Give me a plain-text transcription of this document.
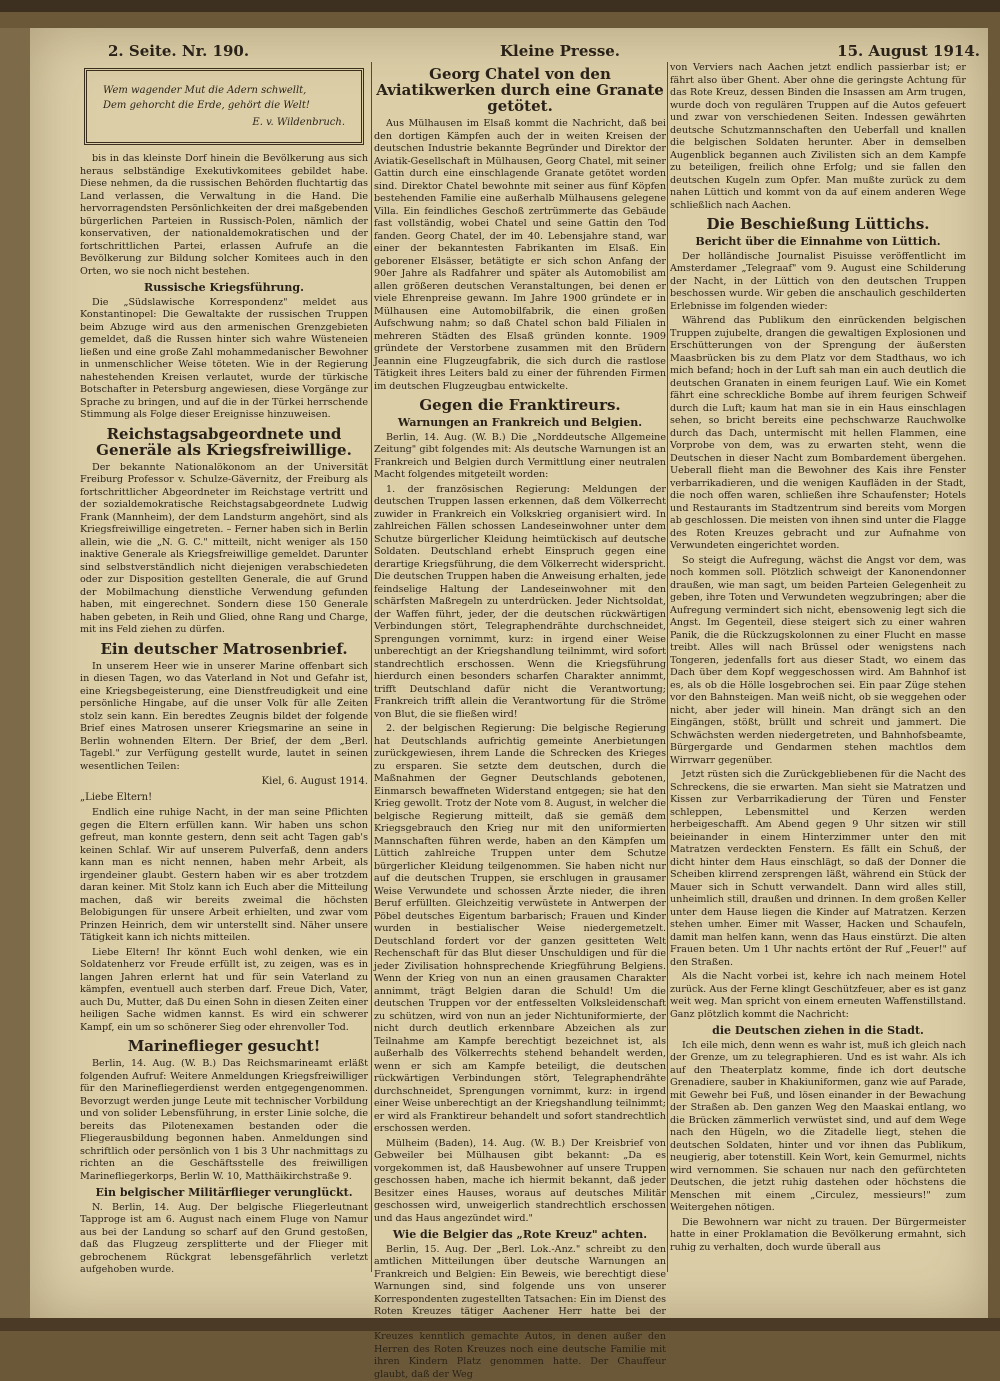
2. Seite. Nr. 190.	Kleine Presse.	15. August 1914.
Wem wagender Mut die Adern schwellt,
Dem gehorcht die Erde, gehört die Welt!
E. v. Wildenbruch.

bis in das kleinste Dorf hinein die Bevölkerung aus sich heraus selbständige Exekutivkomitees gebildet habe. Diese nehmen, da die russischen Behörden fluchtartig das Land verlassen, die Verwaltung in die Hand. Die hervorragendsten Persönlichkeiten der drei maßgebenden bürgerlichen Parteien in Russisch-Polen, nämlich der konservativen, der nationaldemokratischen und der fortschrittlichen Partei, erlassen Aufrufe an die Bevölkerung zur Bildung solcher Komitees auch in den Orten, wo sie noch nicht bestehen.

Russische Kriegsführung.

Die „Südslawische Korrespondenz" meldet aus Konstantinopel: Die Gewaltakte der russischen Truppen beim Abzuge wird aus den armenischen Grenzgebieten gemeldet, daß die Russen hinter sich wahre Wüsteneien ließen und eine große Zahl mohammedanischer Bewohner in unmenschlicher Weise töteten. Wie in der Regierung nahestehenden Kreisen verlautet, wurde der türkische Botschafter in Petersburg angewiesen, diese Vorgänge zur Sprache zu bringen, und auf die in der Türkei herrschende Stimmung als Folge dieser Ereignisse hinzuweisen.

Reichstagsabgeordnete und Generäle als Kriegsfreiwillige.

Der bekannte Nationalökonom an der Universität Freiburg Professor v. Schulze-Gävernitz, der Freiburg als fortschrittlicher Abgeordneter im Reichstage vertritt und der sozialdemokratische Reichstagsabgeordnete Ludwig Frank (Mannheim), der dem Landsturm angehört, sind als Kriegsfreiwillige eingetreten. – Ferner haben sich in Berlin allein, wie die „N. G. C." mitteilt, nicht weniger als 150 inaktive Generale als Kriegsfreiwillige gemeldet. Darunter sind selbstverständlich nicht diejenigen verabschiedeten oder zur Disposition gestellten Generale, die auf Grund der Mobilmachung dienstliche Verwendung gefunden haben, mit eingerechnet. Sondern diese 150 Generale haben gebeten, in Reih und Glied, ohne Rang und Charge, mit ins Feld ziehen zu dürfen.

Ein deutscher Matrosenbrief.

In unserem Heer wie in unserer Marine offenbart sich in diesen Tagen, wo das Vaterland in Not und Gefahr ist, eine Kriegsbegeisterung, eine Dienstfreudigkeit und eine persönliche Hingabe, auf die unser Volk für alle Zeiten stolz sein kann. Ein beredtes Zeugnis bildet der folgende Brief eines Matrosen unserer Kriegsmarine an seine in Berlin wohnenden Eltern. Der Brief, der dem „Berl. Tagebl." zur Verfügung gestellt wurde, lautet in seinen wesentlichen Teilen:

Kiel, 6. August 1914.
„Liebe Eltern!

Endlich eine ruhige Nacht, in der man seine Pflichten gegen die Eltern erfüllen kann. Wir haben uns schon gefreut, man konnte gestern, denn seit acht Tagen gab's keinen Schlaf. Wir auf unserem Pulverfaß, denn anders kann man es nicht nennen, haben mehr Arbeit, als irgendeiner glaubt. Gestern haben wir es aber trotzdem daran keiner. Mit Stolz kann ich Euch aber die Mitteilung machen, daß wir bereits zweimal die höchsten Belobigungen für unsere Arbeit erhielten, und zwar vom Prinzen Heinrich, dem wir unterstellt sind. Näher unsere Tätigkeit kann ich nichts mitteilen.

Liebe Eltern! Ihr könnt Euch wohl denken, wie ein Soldatenherz vor Freude erfüllt ist, zu zeigen, was es in langen Jahren erlernt hat und für sein Vaterland zu kämpfen, eventuell auch sterben darf. Freue Dich, Vater, auch Du, Mutter, daß Du einen Sohn in diesen Zeiten einer heiligen Sache widmen kannst. Es wird ein schwerer Kampf, ein um so schönerer Sieg oder ehrenvoller Tod.

Marineflieger gesucht!

Berlin, 14. Aug. (W. B.) Das Reichsmarineamt erläßt folgenden Aufruf: Weitere Anmeldungen Kriegsfreiwilliger für den Marinefliegerdienst werden entgegengenommen. Bevorzugt werden junge Leute mit technischer Vorbildung und von solider Lebensführung, in erster Linie solche, die bereits das Pilotenexamen bestanden oder die Fliegerausbildung begonnen haben. Anmeldungen sind schriftlich oder persönlich von 1 bis 3 Uhr nachmittags zu richten an die Geschäftsstelle des freiwilligen Marinefliegerkorps, Berlin W. 10, Matthäikirchstraße 9.

Ein belgischer Militärflieger verunglückt.

N. Berlin, 14. Aug. Der belgische Fliegerleutnant Tapproge ist am 6. August nach einem Fluge von Namur aus bei der Landung so scharf auf den Grund gestoßen, daß das Flugzeug zersplitterte und der Flieger mit gebrochenem Rückgrat lebensgefährlich verletzt aufgehoben wurde.

Georg Chatel von den Aviatikwerken durch eine Granate getötet.

Aus Mülhausen im Elsaß kommt die Nachricht, daß bei den dortigen Kämpfen auch der in weiten Kreisen der deutschen Industrie bekannte Begründer und Direktor der Aviatik-Gesellschaft in Mülhausen, Georg Chatel, mit seiner Gattin durch eine einschlagende Granate getötet worden sind. Direktor Chatel bewohnte mit seiner aus fünf Köpfen bestehenden Familie eine außerhalb Mülhausens gelegene Villa. Ein feindliches Geschoß zertrümmerte das Gebäude fast vollständig, wobei Chatel und seine Gattin den Tod fanden. Georg Chatel, der im 40. Lebensjahre stand, war einer der bekanntesten Fabrikanten im Elsaß. Ein geborener Elsässer, betätigte er sich schon Anfang der 90er Jahre als Radfahrer und später als Automobilist am allen größeren deutschen Veranstaltungen, bei denen er viele Ehrenpreise gewann. Im Jahre 1900 gründete er in Mülhausen eine Automobilfabrik, die einen großen Aufschwung nahm; so daß Chatel schon bald Filialen in mehreren Städten des Elsaß gründen konnte. 1909 gründete der Verstorbene zusammen mit den Brüdern Jeannin eine Flugzeugfabrik, die sich durch die rastlose Tätigkeit ihres Leiters bald zu einer der führenden Firmen im deutschen Flugzeugbau entwickelte.

Gegen die Franktireurs.
Warnungen an Frankreich und Belgien.

Berlin, 14. Aug. (W. B.) Die „Norddeutsche Allgemeine Zeitung" gibt folgendes mit: Als deutsche Warnungen ist an Frankreich und Belgien durch Vermittlung einer neutralen Macht folgendes mitgeteilt worden:

1. der französischen Regierung: Meldungen der deutschen Truppen lassen erkennen, daß dem Völkerrecht zuwider in Frankreich ein Volkskrieg organisiert wird. In zahlreichen Fällen schossen Landeseinwohner unter dem Schutze bürgerlicher Kleidung heimtückisch auf deutsche Soldaten. Deutschland erhebt Einspruch gegen eine derartige Kriegsführung, die dem Völkerrecht widerspricht. Die deutschen Truppen haben die Anweisung erhalten, jede feindselige Haltung der Landeseinwohner mit den schärfsten Maßregeln zu unterdrücken. Jeder Nichtsoldat, der Waffen führt, jeder, der die deutschen rückwärtigen Verbindungen stört, Telegraphendrähte durchschneidet, Sprengungen vornimmt, kurz: in irgend einer Weise unberechtigt an der Kriegshandlung teilnimmt, wird sofort standrechtlich erschossen. Wenn die Kriegsführung hierdurch einen besonders scharfen Charakter annimmt, trifft Deutschland dafür nicht die Verantwortung; Frankreich trifft allein die Verantwortung für die Ströme von Blut, die sie fließen wird!

2. der belgischen Regierung: Die belgische Regierung hat Deutschlands aufrichtig gemeinte Anerbietungen zurückgewiesen, ihrem Lande die Schrecken des Krieges zu ersparen. Sie setzte dem deutschen, durch die Maßnahmen der Gegner Deutschlands gebotenen, Einmarsch bewaffneten Widerstand entgegen; sie hat den Krieg gewollt. Trotz der Note vom 8. August, in welcher die belgische Regierung mitteilt, daß sie gemäß dem Kriegsgebrauch den Krieg nur mit den uniformierten Mannschaften führen werde, haben an den Kämpfen um Lüttich zahlreiche Truppen unter dem Schutze bürgerlicher Kleidung teilgenommen. Sie haben nicht nur auf die deutschen Truppen, sie erschlugen in grausamer Weise Verwundete und schossen Ärzte nieder, die ihren Beruf erfüllten. Gleichzeitig verwüstete in Antwerpen der Pöbel deutsches Eigentum barbarisch; Frauen und Kinder wurden in bestialischer Weise niedergemetzelt. Deutschland fordert vor der ganzen gesitteten Welt Rechenschaft für das Blut dieser Unschuldigen und für die jeder Zivilisation hohnsprechende Kriegführung Belgiens. Wenn der Krieg von nun an einen grausamen Charakter annimmt, trägt Belgien daran die Schuld! Um die deutschen Truppen vor der entfesselten Volksleidenschaft zu schützen, wird von nun an jeder Nichtuniformierte, der nicht durch deutlich erkennbare Abzeichen als zur Teilnahme am Kampfe berechtigt bezeichnet ist, als außerhalb des Völkerrechts stehend behandelt werden, wenn er sich am Kampfe beteiligt, die deutschen rückwärtigen Verbindungen stört, Telegraphendrähte durchschneidet, Sprengungen vornimmt, kurz: in irgend einer Weise unberechtigt an der Kriegshandlung teilnimmt; er wird als Franktireur behandelt und sofort standrechtlich erschossen werden.

Mülheim (Baden), 14. Aug. (W. B.) Der Kreisbrief von Gebweiler bei Mülhausen gibt bekannt: „Da es vorgekommen ist, daß Hausbewohner auf unsere Truppen geschossen haben, mache ich hiermit bekannt, daß jeder Besitzer eines Hauses, woraus auf deutsches Militär geschossen wird, unweigerlich standrechtlich erschossen und das Haus angezündet wird."

Wie die Belgier das „Rote Kreuz" achten.

Berlin, 15. Aug. Der „Berl. Lok.-Anz." schreibt zu den amtlichen Mitteilungen über deutsche Warnungen an Frankreich und Belgien: Ein Beweis, wie berechtigt diese Warnungen sind, sind folgende uns von unserer Korrespondenten zugestellten Tatsachen: Ein im Dienst des Roten Kreuzes tätiger Aachener Herr hatte bei der Kreuzes kenntlich gemachte Autos, in denen außer den Herren des Roten Kreuzes noch eine deutsche Familie mit ihren Kindern Platz genommen hatte. Der Chauffeur glaubt, daß der Weg

von Verviers nach Aachen jetzt endlich passierbar ist; er fährt also über Ghent. Aber ohne die geringste Achtung für das Rote Kreuz, dessen Binden die Insassen am Arm trugen, wurde doch von regulären Truppen auf die Autos gefeuert und zwar von verschiedenen Seiten. Indessen gewährten deutsche Schutzmannschaften den Ueberfall und knallen die belgischen Soldaten herunter. Aber in demselben Augenblick begannen auch Zivilisten sich an dem Kampfe zu beteiligen, freilich ohne Erfolg; und sie fallen den deutschen Kugeln zum Opfer. Man mußte zurück zu dem nahen Lüttich und kommt von da auf einem anderen Wege schließlich nach Aachen.

Die Beschießung Lüttichs.
Bericht über die Einnahme von Lüttich.

Der holländische Journalist Pisuisse veröffentlicht im Amsterdamer „Telegraaf" vom 9. August eine Schilderung der Nacht, in der Lüttich von den deutschen Truppen beschossen wurde. Wir geben die anschaulich geschilderten Erlebnisse im folgenden wieder:

Während das Publikum den einrückenden belgischen Truppen zujubelte, drangen die gewaltigen Explosionen und Erschütterungen von der Sprengung der äußersten Maasbrücken bis zu dem Platz vor dem Stadthaus, wo ich mich befand; hoch in der Luft sah man ein auch deutlich die deutschen Granaten in einem feurigen Lauf. Wie ein Komet fährt eine schreckliche Bombe auf ihrem feurigen Schweif durch die Luft; kaum hat man sie in ein Haus einschlagen sehen, so bricht bereits eine pechschwarze Rauchwolke durch das Dach, untermischt mit hellen Flammen, eine Vorprobe von dem, was zu erwarten steht, wenn die Deutschen in dieser Nacht zum Bombardement übergehen. Ueberall flieht man die Bewohner des Kais ihre Fenster verbarrikadieren, und die wenigen Kaufläden in der Stadt, die noch offen waren, schließen ihre Schaufenster; Hotels und Restaurants im Stadtzentrum sind bereits vom Morgen ab geschlossen. Die meisten von ihnen sind unter die Flagge des Roten Kreuzes gebracht und zur Aufnahme von Verwundeten eingerichtet worden.

So steigt die Aufregung, wächst die Angst vor dem, was noch kommen soll. Plötzlich schweigt der Kanonendonner draußen, wie man sagt, um beiden Parteien Gelegenheit zu geben, ihre Toten und Verwundeten wegzubringen; aber die Aufregung vermindert sich nicht, ebensowenig legt sich die Angst. Im Gegenteil, diese steigert sich zu einer wahren Panik, die die Rückzugskolonnen zu einer Flucht en masse treibt. Alles will nach Brüssel oder wenigstens nach Tongeren, jedenfalls fort aus dieser Stadt, wo einem das Dach über dem Kopf weggeschossen wird. Am Bahnhof ist es, als ob die Hölle losgebrochen sei. Ein paar Züge stehen vor den Bahnsteigen. Man weiß nicht, ob sie weggehen oder nicht, aber jeder will hinein. Man drängt sich an den Eingängen, stößt, brüllt und schreit und jammert. Die Schwächsten werden niedergetreten, und Bahnhofsbeamte, Bürgergarde und Gendarmen stehen machtlos dem Wirrwarr gegenüber.

Jetzt rüsten sich die Zurückgebliebenen für die Nacht des Schreckens, die sie erwarten. Man sieht sie Matratzen und Kissen zur Verbarrikadierung der Türen und Fenster schleppen, Lebensmittel und Kerzen werden herbeigeschafft. Am Abend gegen 9 Uhr sitzen wir still beieinander in einem Hinterzimmer unter den mit Matratzen verdeckten Fenstern. Es fällt ein Schuß, der dicht hinter dem Haus einschlägt, so daß der Donner die Scheiben klirrend zersprengen läßt, während ein Stück der Mauer sich in Schutt verwandelt. Dann wird alles still, unheimlich still, draußen und drinnen. In dem großen Keller unter dem Hause liegen die Kinder auf Matratzen. Kerzen stehen umher. Eimer mit Wasser, Hacken und Schaufeln, damit man helfen kann, wenn das Haus einstürzt. Die alten Frauen beten. Um 1 Uhr nachts ertönt der Ruf „Feuer!" auf den Straßen.

Als die Nacht vorbei ist, kehre ich nach meinem Hotel zurück. Aus der Ferne klingt Geschützfeuer, aber es ist ganz weit weg. Man spricht von einem erneuten Waffenstillstand. Ganz plötzlich kommt die Nachricht:

die Deutschen ziehen in die Stadt.

Ich eile mich, denn wenn es wahr ist, muß ich gleich nach der Grenze, um zu telegraphieren. Und es ist wahr. Als ich auf den Theaterplatz komme, finde ich dort deutsche Grenadiere, sauber in Khakiuniformen, ganz wie auf Parade, mit Gewehr bei Fuß, und lösen einander in der Bewachung der Straßen ab. Den ganzen Weg den Maaskai entlang, wo die Brücken zämmerlich verwüstet sind, und auf dem Wege nach den Hügeln, wo die Zitadelle liegt, stehen die deutschen Soldaten, hinter und vor ihnen das Publikum, neugierig, aber totenstill. Kein Wort, kein Gemurmel, nichts wird vernommen. Sie schauen nur nach den gefürchteten Deutschen, die jetzt ruhig dastehen oder höchstens die Menschen mit einem „Circulez, messieurs!" zum Weitergehen nötigen.

Die Bewohnern war nicht zu trauen. Der Bürgermeister hatte in einer Proklamation die Bevölkerung ermahnt, sich ruhig zu verhalten, doch wurde überall aus
